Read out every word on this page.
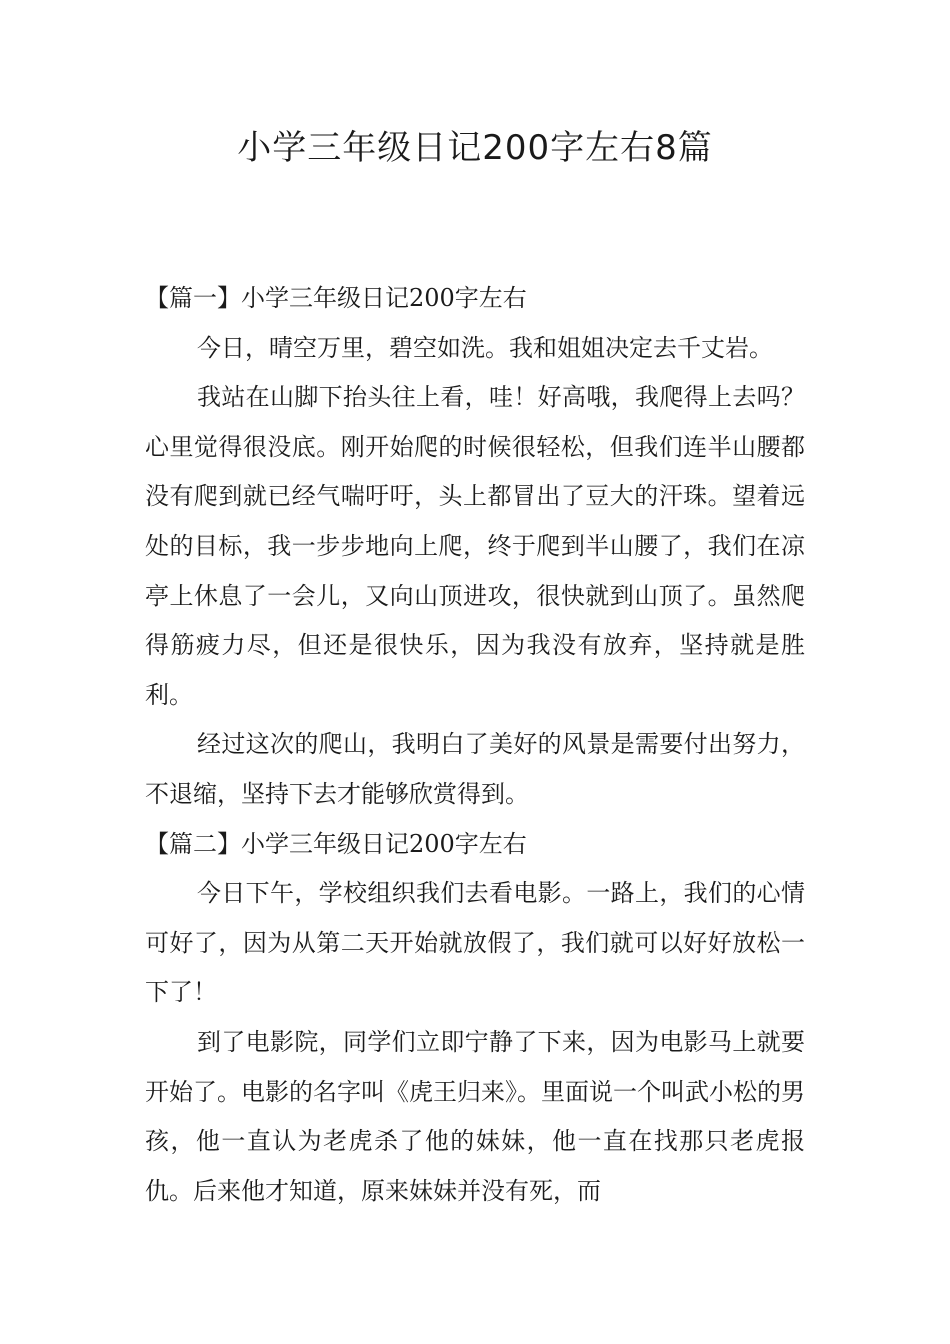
小学三年级日记200字左右8篇

【篇一】小学三年级日记200字左右

今日，晴空万里，碧空如洗。我和姐姐决定去千丈岩。

我站在山脚下抬头往上看，哇！好高哦，我爬得上去吗？心里觉得很没底。刚开始爬的时候很轻松，但我们连半山腰都没有爬到就已经气喘吁吁，头上都冒出了豆大的汗珠。望着远处的目标，我一步步地向上爬，终于爬到半山腰了，我们在凉亭上休息了一会儿，又向山顶进攻，很快就到山顶了。虽然爬得筋疲力尽，但还是很快乐，因为我没有放弃，坚持就是胜利。

经过这次的爬山，我明白了美好的风景是需要付出努力，不退缩，坚持下去才能够欣赏得到。

【篇二】小学三年级日记200字左右

今日下午，学校组织我们去看电影。一路上，我们的心情可好了，因为从第二天开始就放假了，我们就可以好好放松一下了！

到了电影院，同学们立即宁静了下来，因为电影马上就要开始了。电影的名字叫《虎王归来》。里面说一个叫武小松的男孩，他一直认为老虎杀了他的妹妹，他一直在找那只老虎报仇。后来他才知道，原来妹妹并没有死，而
